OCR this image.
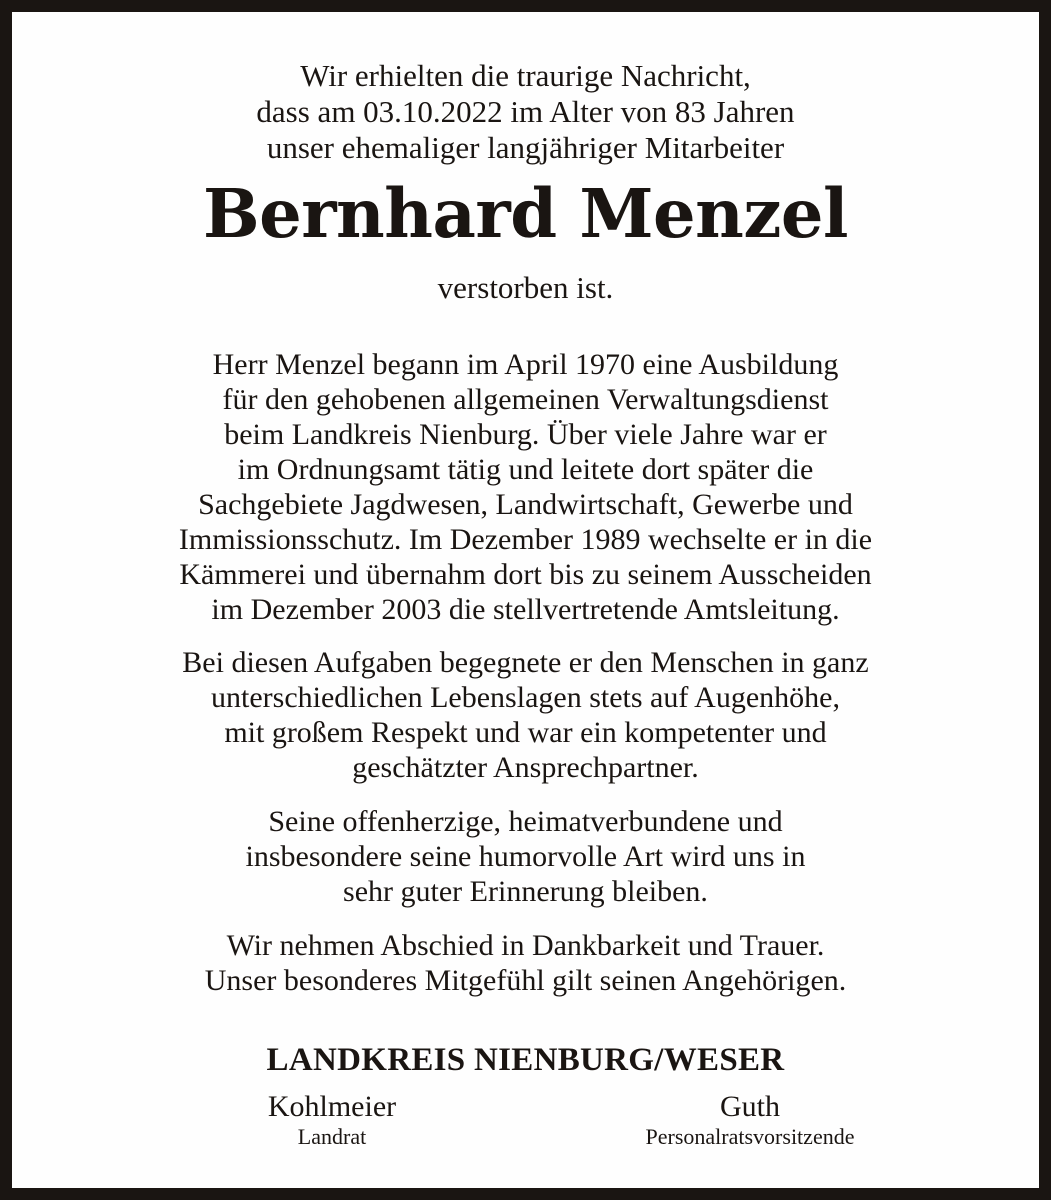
Wir erhielten die traurige Nachricht,
dass am 03.10.2022 im Alter von 83 Jahren
unser ehemaliger langjähriger Mitarbeiter
Bernhard Menzel
verstorben ist.
Herr Menzel begann im April 1970 eine Ausbildung
für den gehobenen allgemeinen Verwaltungsdienst
beim Landkreis Nienburg. Über viele Jahre war er
im Ordnungsamt tätig und leitete dort später die
Sachgebiete Jagdwesen, Landwirtschaft, Gewerbe und
Immissionsschutz. Im Dezember 1989 wechselte er in die
Kämmerei und übernahm dort bis zu seinem Ausscheiden
im Dezember 2003 die stellvertretende Amtsleitung.
Bei diesen Aufgaben begegnete er den Menschen in ganz
unterschiedlichen Lebenslagen stets auf Augenhöhe,
mit großem Respekt und war ein kompetenter und
geschätzter Ansprechpartner.
Seine offenherzige, heimatverbundene und
insbesondere seine humorvolle Art wird uns in
sehr guter Erinnerung bleiben.
Wir nehmen Abschied in Dankbarkeit und Trauer.
Unser besonderes Mitgefühl gilt seinen Angehörigen.
LANDKREIS NIENBURG/WESER
Kohlmeier
Landrat
Guth
Personalratsvorsitzende
